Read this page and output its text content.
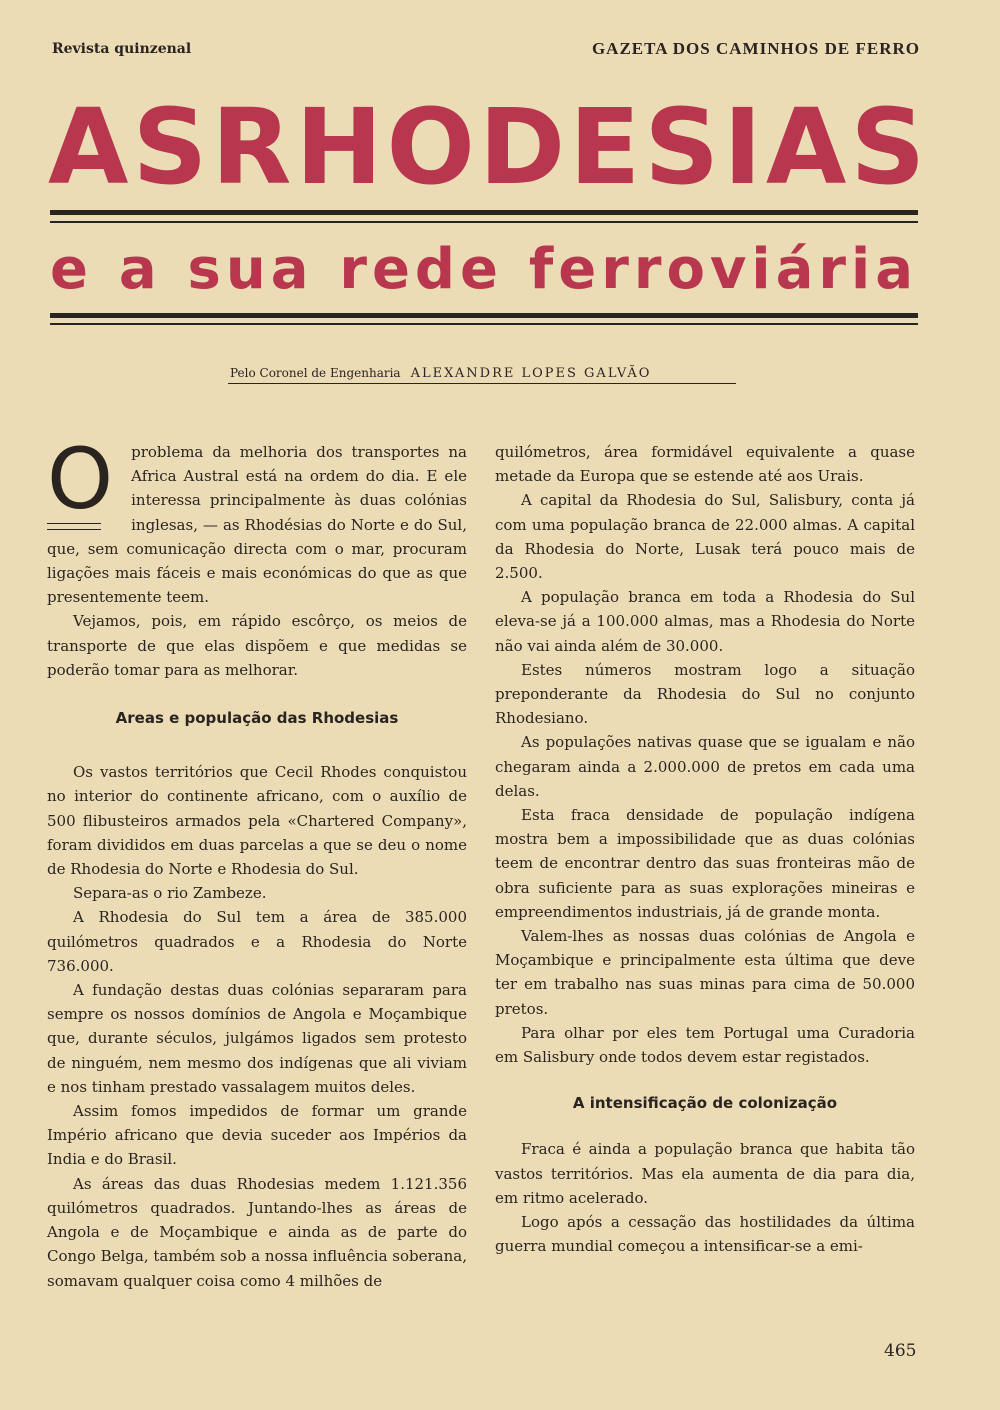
Revista quinzenal	GAZETA DOS CAMINHOS DE FERRO
AS RHODESIAS
e a sua rede ferroviária
Pelo Coronel de Engenharia ALEXANDRE LOPES GALVÃO
O	problema da melhoria dos transportes na Africa Austral está na ordem do dia. E ele interessa principalmente às duas colónias inglesas, — as Rhodésias do Norte e do Sul, que, sem comunicação directa com o mar, procuram ligações mais fáceis e mais económicas do que as que presentemente teem.

Vejamos, pois, em rápido escôrço, os meios de transporte de que elas dispõem e que medidas se poderão tomar para as melhorar.

Areas e população das Rhodesias

Os vastos territórios que Cecil Rhodes conquistou no interior do continente africano, com o auxílio de 500 flibusteiros armados pela «Chartered Company», foram divididos em duas parcelas a que se deu o nome de Rhodesia do Norte e Rhodesia do Sul.

Separa-as o rio Zambeze.

A Rhodesia do Sul tem a área de 385.000 quilómetros quadrados e a Rhodesia do Norte 736.000.

A fundação destas duas colónias separaram para sempre os nossos domínios de Angola e Moçambique que, durante séculos, julgámos ligados sem protesto de ninguém, nem mesmo dos indígenas que ali viviam e nos tinham prestado vassalagem muitos deles.

Assim fomos impedidos de formar um grande Império africano que devia suceder aos Impérios da India e do Brasil.

As áreas das duas Rhodesias medem 1.121.356 quilómetros quadrados. Juntando-lhes as áreas de Angola e de Moçambique e ainda as de parte do Congo Belga, também sob a nossa influência soberana, somavam qualquer coisa como 4 milhões de

quilómetros, área formidável equivalente a quase metade da Europa que se estende até aos Urais.

A capital da Rhodesia do Sul, Salisbury, conta já com uma população branca de 22.000 almas. A capital da Rhodesia do Norte, Lusak terá pouco mais de 2.500.

A população branca em toda a Rhodesia do Sul eleva-se já a 100.000 almas, mas a Rhodesia do Norte não vai ainda além de 30.000.

Estes números mostram logo a situação preponderante da Rhodesia do Sul no conjunto Rhodesiano.

As populações nativas quase que se igualam e não chegaram ainda a 2.000.000 de pretos em cada uma delas.

Esta fraca densidade de população indígena mostra bem a impossibilidade que as duas colónias teem de encontrar dentro das suas fronteiras mão de obra suficiente para as suas explorações mineiras e empreendimentos industriais, já de grande monta.

Valem-lhes as nossas duas colónias de Angola e Moçambique e principalmente esta última que deve ter em trabalho nas suas minas para cima de 50.000 pretos.

Para olhar por eles tem Portugal uma Curadoria em Salisbury onde todos devem estar registados.

A intensificação de colonização

Fraca é ainda a população branca que habita tão vastos territórios. Mas ela aumenta de dia para dia, em ritmo acelerado.

Logo após a cessação das hostilidades da última guerra mundial começou a intensificar-se a emi-

465
